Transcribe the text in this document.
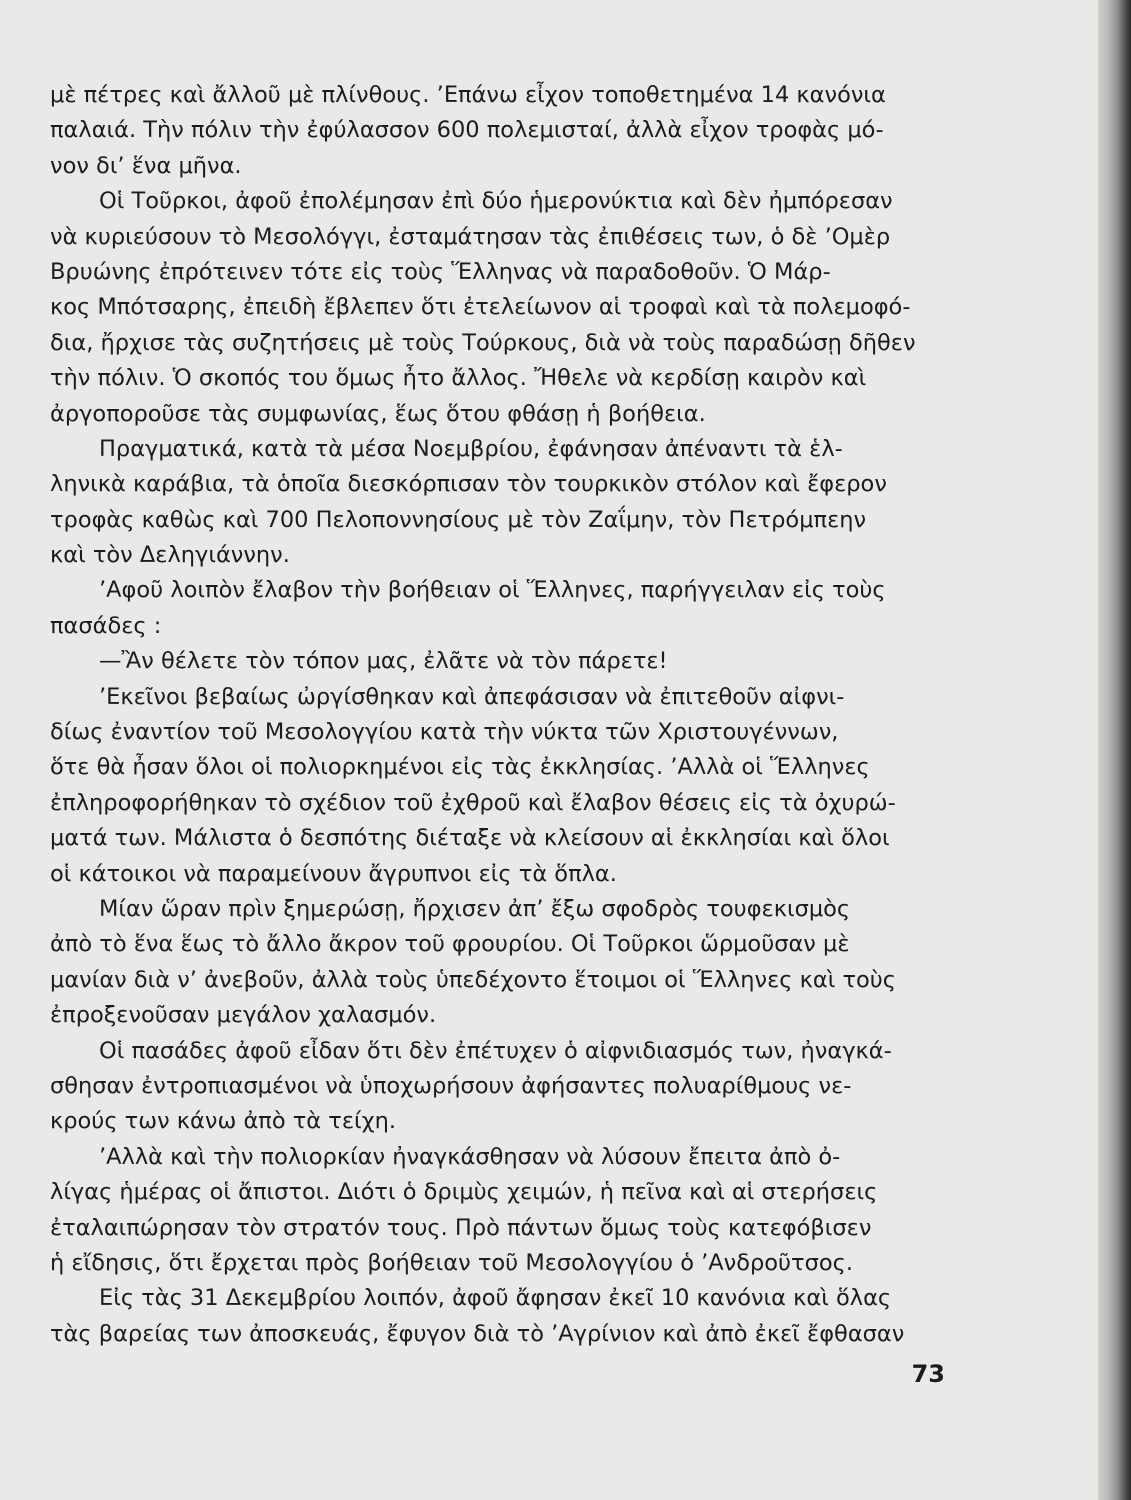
μὲ πέτρες καὶ ἄλλοῦ μὲ πλίνθους. ’Επάνω εἶχον τοποθετημένα 14 κανόνια
παλαιά. Τὴν πόλιν τὴν ἐφύλασσον 600 πολεμισταί, ἀλλὰ εἶχον τροφὰς μό-
νον δι’ ἕνα μῆνα.
Οἱ Τοῦρκοι, ἀφοῦ ἐπολέμησαν ἐπὶ δύο ἡμερονύκτια καὶ δὲν ἠμπόρεσαν
νὰ κυριεύσουν τὸ Μεσολόγγι, ἐσταμάτησαν τὰς ἐπιθέσεις των, ὁ δὲ ’Ομὲρ
Βρυώνης ἐπρότεινεν τότε εἰς τοὺς Ἕλληνας νὰ παραδοθοῦν. Ὁ Μάρ-
κος Μπότσαρης, ἐπειδὴ ἔβλεπεν ὅτι ἐτελείωνον αἱ τροφαὶ καὶ τὰ πολεμοφό-
δια, ἤρχισε τὰς συζητήσεις μὲ τοὺς Τούρκους, διὰ νὰ τοὺς παραδώσῃ δῆθεν
τὴν πόλιν. Ὁ σκοπός του ὅμως ἦτο ἄλλος. Ἤθελε νὰ κερδίσῃ καιρὸν καὶ
ἀργοποροῦσε τὰς συμφωνίας, ἕως ὅτου φθάσῃ ἡ βοήθεια.
Πραγματικά, κατὰ τὰ μέσα Νοεμβρίου, ἐφάνησαν ἀπέναντι τὰ ἑλ-
ληνικὰ καράβια, τὰ ὁποῖα διεσκόρπισαν τὸν τουρκικὸν στόλον καὶ ἔφερον
τροφὰς καθὼς καὶ 700 Πελοποννησίους μὲ τὸν Ζαΐμην, τὸν Πετρόμπεην
καὶ τὸν Δεληγιάννην.
’Αφοῦ λοιπὸν ἔλαβον τὴν βοήθειαν οἱ Ἕλληνες, παρήγγειλαν εἰς τοὺς
πασάδες :
—Ἂν θέλετε τὸν τόπον μας, ἐλᾶτε νὰ τὸν πάρετε!
’Εκεῖνοι βεβαίως ὠργίσθηκαν καὶ ἀπεφάσισαν νὰ ἐπιτεθοῦν αἰφνι-
δίως ἐναντίον τοῦ Μεσολογγίου κατὰ τὴν νύκτα τῶν Χριστουγέννων,
ὅτε θὰ ἦσαν ὅλοι οἱ πολιορκημένοι εἰς τὰς ἐκκλησίας. ’Αλλὰ οἱ Ἕλληνες
ἐπληροφορήθηκαν τὸ σχέδιον τοῦ ἐχθροῦ καὶ ἔλαβον θέσεις εἰς τὰ ὀχυρώ-
ματά των. Μάλιστα ὁ δεσπότης διέταξε νὰ κλείσουν αἱ ἐκκλησίαι καὶ ὅλοι
οἱ κάτοικοι νὰ παραμείνουν ἄγρυπνοι εἰς τὰ ὅπλα.
Μίαν ὥραν πρὶν ξημερώσῃ, ἤρχισεν ἀπ’ ἔξω σφοδρὸς τουφεκισμὸς
ἀπὸ τὸ ἕνα ἕως τὸ ἄλλο ἄκρον τοῦ φρουρίου. Οἱ Τοῦρκοι ὥρμοῦσαν μὲ
μανίαν διὰ ν’ ἀνεβοῦν, ἀλλὰ τοὺς ὑπεδέχοντο ἕτοιμοι οἱ Ἕλληνες καὶ τοὺς
ἐπροξενοῦσαν μεγάλον χαλασμόν.
Οἱ πασάδες ἀφοῦ εἶδαν ὅτι δὲν ἐπέτυχεν ὁ αἰφνιδιασμός των, ἠναγκά-
σθησαν ἐντροπιασμένοι νὰ ὑποχωρήσουν ἀφήσαντες πολυαρίθμους νε-
κρούς των κάνω ἀπὸ τὰ τείχη.
’Αλλὰ καὶ τὴν πολιορκίαν ἠναγκάσθησαν νὰ λύσουν ἔπειτα ἀπὸ ὀ-
λίγας ἡμέρας οἱ ἄπιστοι. Διότι ὁ δριμὺς χειμών, ἡ πεῖνα καὶ αἱ στερήσεις
ἐταλαιπώρησαν τὸν στρατόν τους. Πρὸ πάντων ὅμως τοὺς κατεφόβισεν
ἡ εἴδησις, ὅτι ἔρχεται πρὸς βοήθειαν τοῦ Μεσολογγίου ὁ ’Ανδροῦτσος.
Εἰς τὰς 31 Δεκεμβρίου λοιπόν, ἀφοῦ ἄφησαν ἐκεῖ 10 κανόνια καὶ ὅλας
τὰς βαρείας των ἀποσκευάς, ἔφυγον διὰ τὸ ’Αγρίνιον καὶ ἀπὸ ἐκεῖ ἔφθασαν
73
